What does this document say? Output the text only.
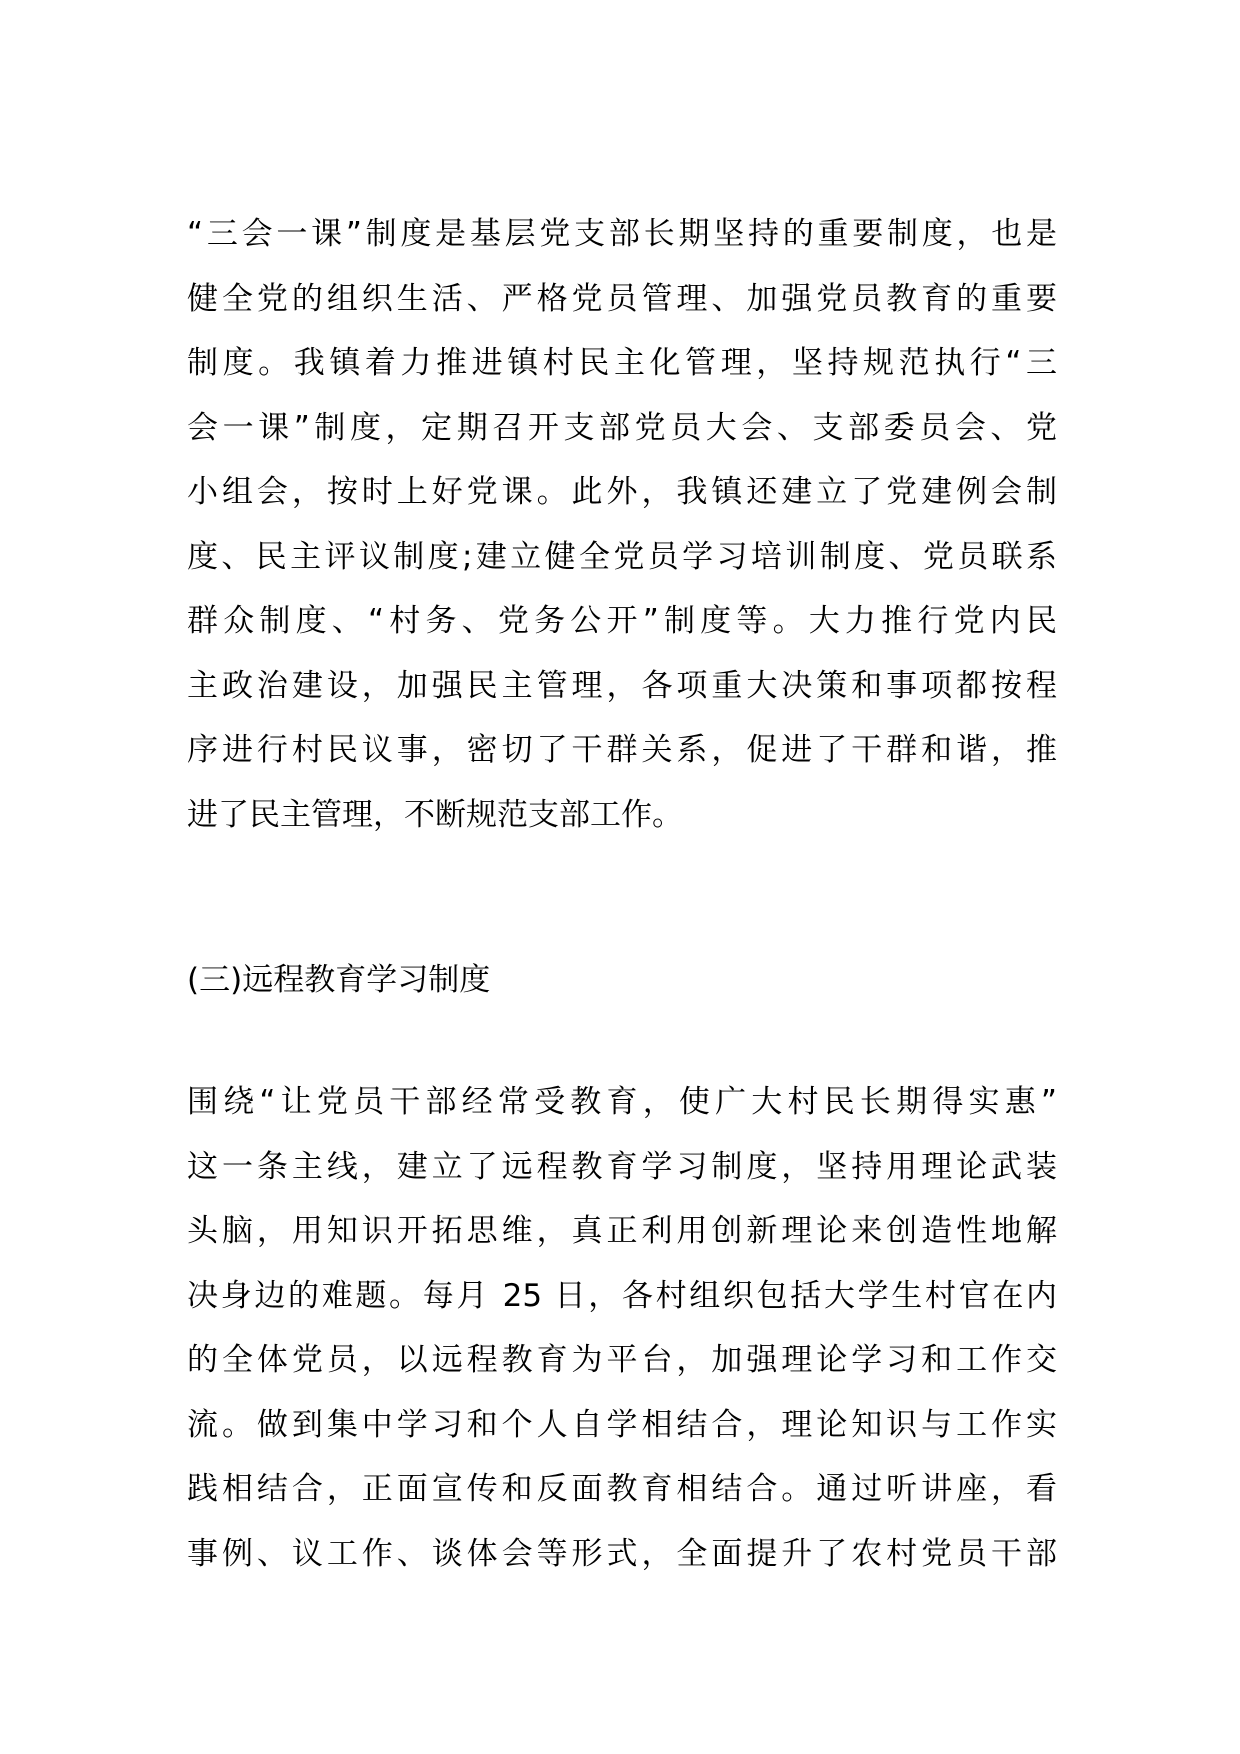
“三会一课”制度是基层党支部长期坚持的重要制度，也是
健全党的组织生活、严格党员管理、加强党员教育的重要
制度。我镇着力推进镇村民主化管理，坚持规范执行“三
会一课”制度，定期召开支部党员大会、支部委员会、党
小组会，按时上好党课。此外，我镇还建立了党建例会制
度、民主评议制度;建立健全党员学习培训制度、党员联系
群众制度、“村务、党务公开”制度等。大力推行党内民
主政治建设，加强民主管理，各项重大决策和事项都按程
序进行村民议事，密切了干群关系，促进了干群和谐，推
进了民主管理，不断规范支部工作。
(三)远程教育学习制度
围绕“让党员干部经常受教育，使广大村民长期得实惠”
这一条主线，建立了远程教育学习制度，坚持用理论武装
头脑，用知识开拓思维，真正利用创新理论来创造性地解
决身边的难题。每月 25 日，各村组织包括大学生村官在内
的全体党员，以远程教育为平台，加强理论学习和工作交
流。做到集中学习和个人自学相结合，理论知识与工作实
践相结合，正面宣传和反面教育相结合。通过听讲座，看
事例、议工作、谈体会等形式，全面提升了农村党员干部
